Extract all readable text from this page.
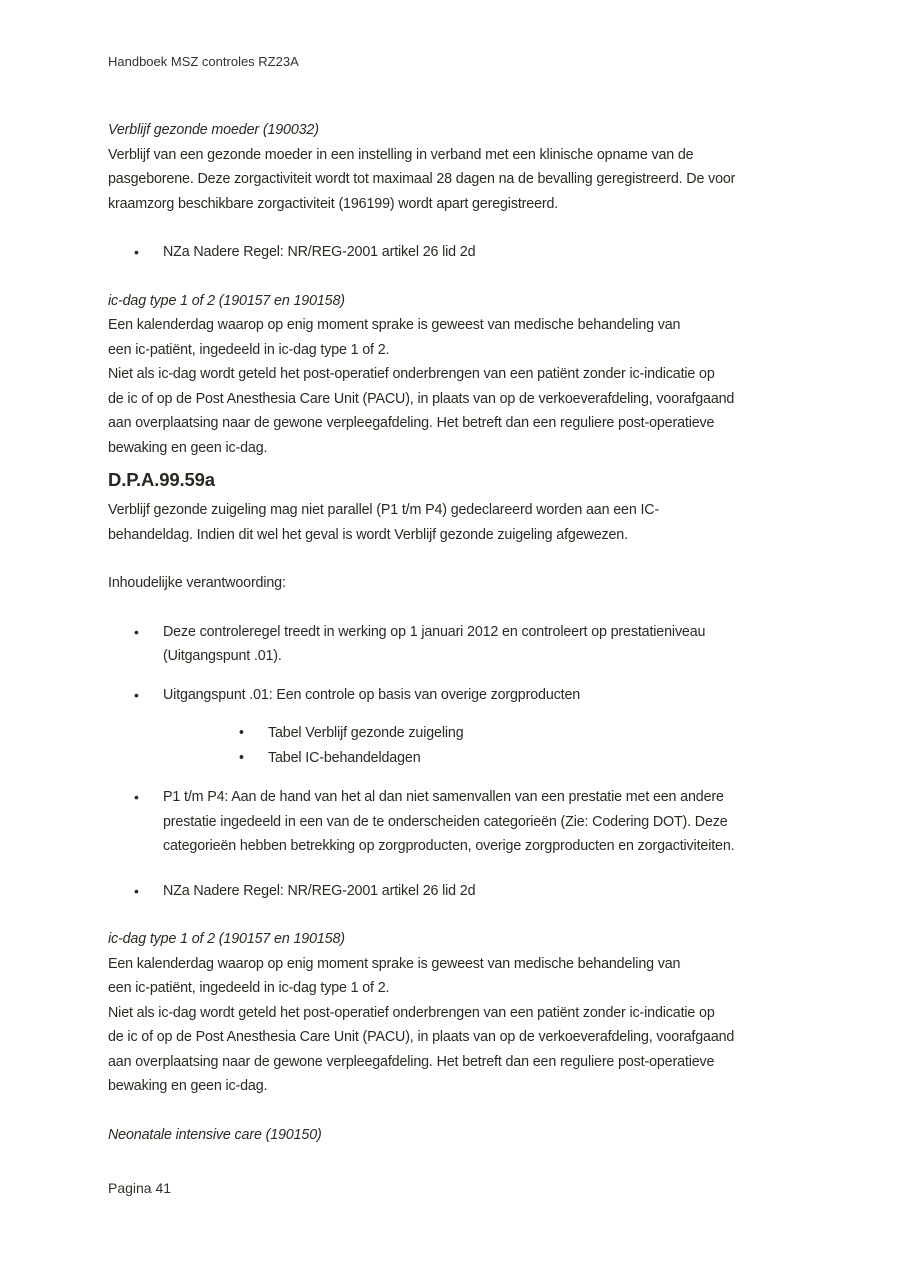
Handboek MSZ controles RZ23A

Verblijf gezonde moeder (190032)

Verblijf van een gezonde moeder in een instelling in verband met een klinische opname van de

pasgeborene. Deze zorgactiviteit wordt tot maximaal 28 dagen na de bevalling geregistreerd. De voor

kraamzorg beschikbare zorgactiviteit (196199) wordt apart geregistreerd.

• NZa Nadere Regel: NR/REG-2001 artikel 26 lid 2d

ic-dag type 1 of 2 (190157 en 190158)

Een kalenderdag waarop op enig moment sprake is geweest van medische behandeling van

een ic-patiënt, ingedeeld in ic-dag type 1 of 2.

Niet als ic-dag wordt geteld het post-operatief onderbrengen van een patiënt zonder ic-indicatie op

de ic of op de Post Anesthesia Care Unit (PACU), in plaats van op de verkoeverafdeling, voorafgaand

aan overplaatsing naar de gewone verpleegafdeling. Het betreft dan een reguliere post-operatieve

bewaking en geen ic-dag.

D.P.A.99.59a

Verblijf gezonde zuigeling mag niet parallel (P1 t/m P4) gedeclareerd worden aan een IC-

behandeldag. Indien dit wel het geval is wordt Verblijf gezonde zuigeling afgewezen.

Inhoudelijke verantwoording:

• Deze controleregel treedt in werking op 1 januari 2012 en controleert op prestatieniveau
(Uitgangspunt .01).
• Uitgangspunt .01: Een controle op basis van overige zorgproducten
• Tabel Verblijf gezonde zuigeling
• Tabel IC-behandeldagen
• P1 t/m P4: Aan de hand van het al dan niet samenvallen van een prestatie met een andere
prestatie ingedeeld in een van de te onderscheiden categorieën (Zie: Codering DOT). Deze
categorieën hebben betrekking op zorgproducten, overige zorgproducten en zorgactiviteiten.
• NZa Nadere Regel: NR/REG-2001 artikel 26 lid 2d

ic-dag type 1 of 2 (190157 en 190158)

Een kalenderdag waarop op enig moment sprake is geweest van medische behandeling van

een ic-patiënt, ingedeeld in ic-dag type 1 of 2.

Niet als ic-dag wordt geteld het post-operatief onderbrengen van een patiënt zonder ic-indicatie op

de ic of op de Post Anesthesia Care Unit (PACU), in plaats van op de verkoeverafdeling, voorafgaand

aan overplaatsing naar de gewone verpleegafdeling. Het betreft dan een reguliere post-operatieve

bewaking en geen ic-dag.

Neonatale intensive care (190150)

Pagina 41
